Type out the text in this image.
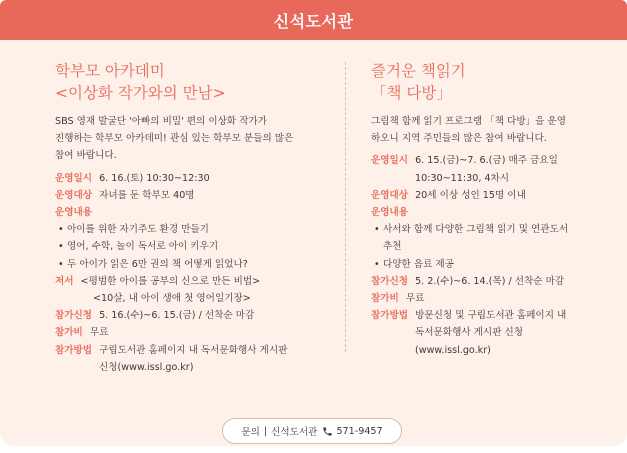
신석도서관
학부모 아카데미
<이상화 작가와의 만남>
SBS 영재 발굴단 '아빠의 비밀' 편의 이상화 작가가
진행하는 학부모 아카데미! 관심 있는 학부모 분들의 많은
참여 바랍니다.
운영일시 6. 16.(토) 10:30~12:30
운영대상 자녀를 둔 학부모 40명
운영내용
• 아이를 위한 자기주도 환경 만들기
• 영어, 수학, 놀이 독서로 아이 키우기
• 두 아이가 읽은 6만 권의 책 어떻게 읽었나?
저서 <평범한 아이를 공부의 신으로 만든 비법>
<10살, 내 아이 생애 첫 영어일기장>
참가신청 5. 16.(수)~6. 15.(금) / 선착순 마감
참가비 무료
참가방법 구립도서관 홈페이지 내 독서문화행사 게시판
신청(www.issl.go.kr)
즐거운 책읽기
「책 다방」
그림책 함께 읽기 프로그램 「책 다방」을 운영
하오니 지역 주민들의 많은 참여 바랍니다.
운영일시 6. 15.(금)~7. 6.(금) 매주 금요일
10:30~11:30, 4차시
운영대상 20세 이상 성인 15명 이내
운영내용
• 사서와 함께 다양한 그림책 읽기 및 연관도서
추천
• 다양한 음료 제공
참가신청 5. 2.(수)~6. 14.(목) / 선착순 마감
참가비 무료
참가방법 방문신청 및 구립도서관 홈페이지 내
독서문화행사 게시판 신청
(www.issl.go.kr)
문의 | 신석도서관 571-9457
